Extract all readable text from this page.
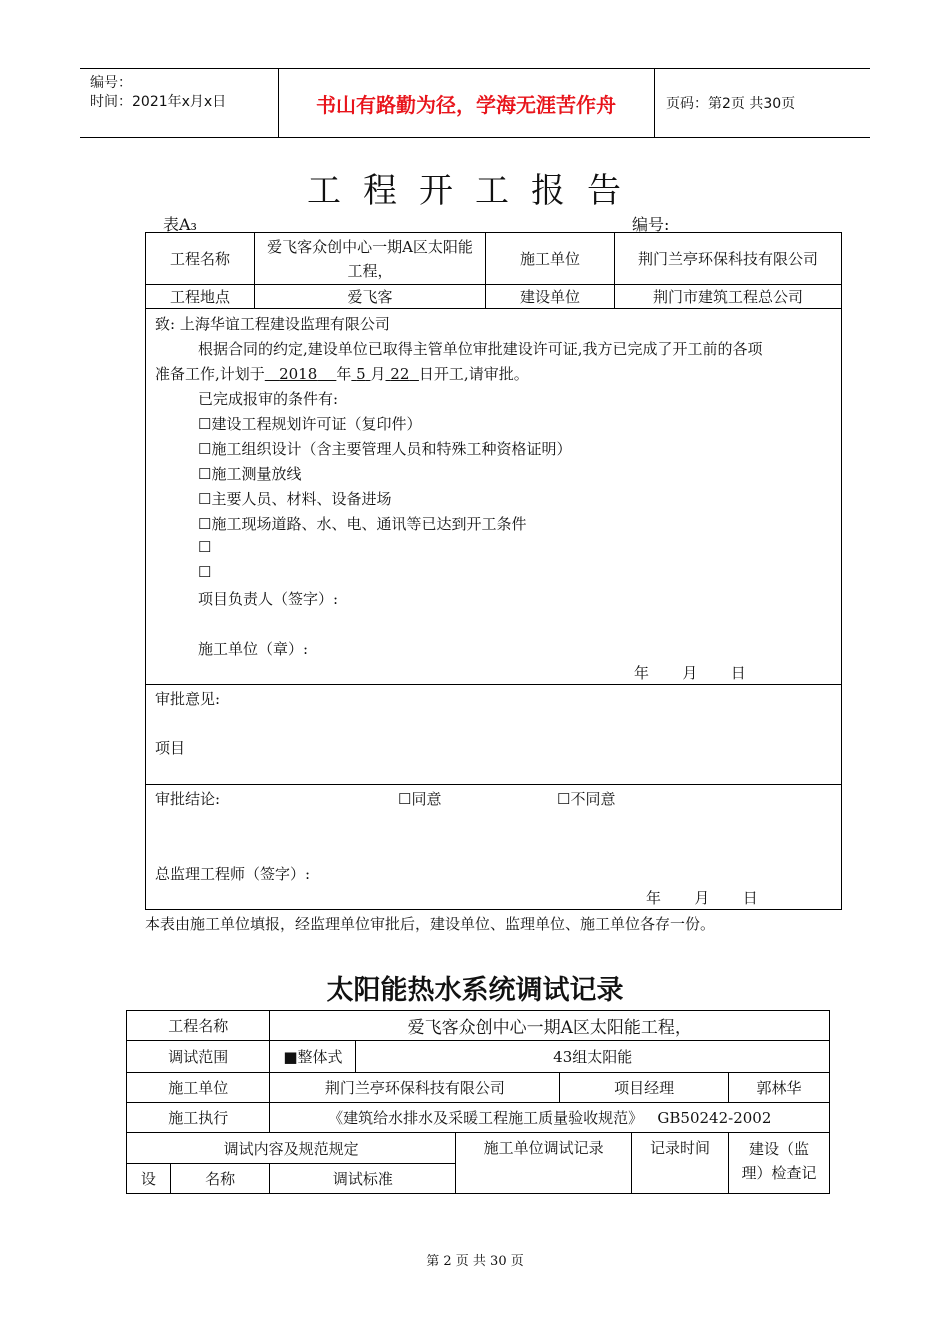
编号：
时间：2021年x月x日	书山有路勤为径，学海无涯苦作舟	页码：第2页 共30页
工程开工报告
表A₃	编号:
工程名称	爱飞客众创中心一期A区太阳能工程，	施工单位	荆门兰亭环保科技有限公司
工程地点	爱飞客	建设单位	荆门市建筑工程总公司
致: 上海华谊工程建设监理有限公司
根据合同的约定,建设单位已取得主管单位审批建设许可证,我方已完成了开工前的各项
准备工作,计划于 2018 年 5 月 22 日开工,请审批。
已完成报审的条件有:
☐建设工程规划许可证（复印件）
☐施工组织设计（含主要管理人员和特殊工种资格证明）
☐施工测量放线
☐主要人员、材料、设备进场
☐施工现场道路、水、电、通讯等已达到开工条件
☐
☐
项目负责人（签字）:
施工单位（章）:
年       月       日
审批意见:
项目
审批结论:	☐同意	☐不同意
总监理工程师（签字）:
年       月       日
本表由施工单位填报，经监理单位审批后，建设单位、监理单位、施工单位各存一份。
太阳能热水系统调试记录
工程名称		爱飞客众创中心一期A区太阳能工程，					
调试范围		■整体式	43组太阳能				
施工单位		荆门兰亭环保科技有限公司			项目经理		郭林华
施工执行		《建筑给水排水及采暖工程施工质量验收规范》   GB50242-2002					
调试内容及规范规定				施工单位调试记录		记录时间	建设（监理）检查记
设	名称	调试标准					
第 2 页 共 30 页
